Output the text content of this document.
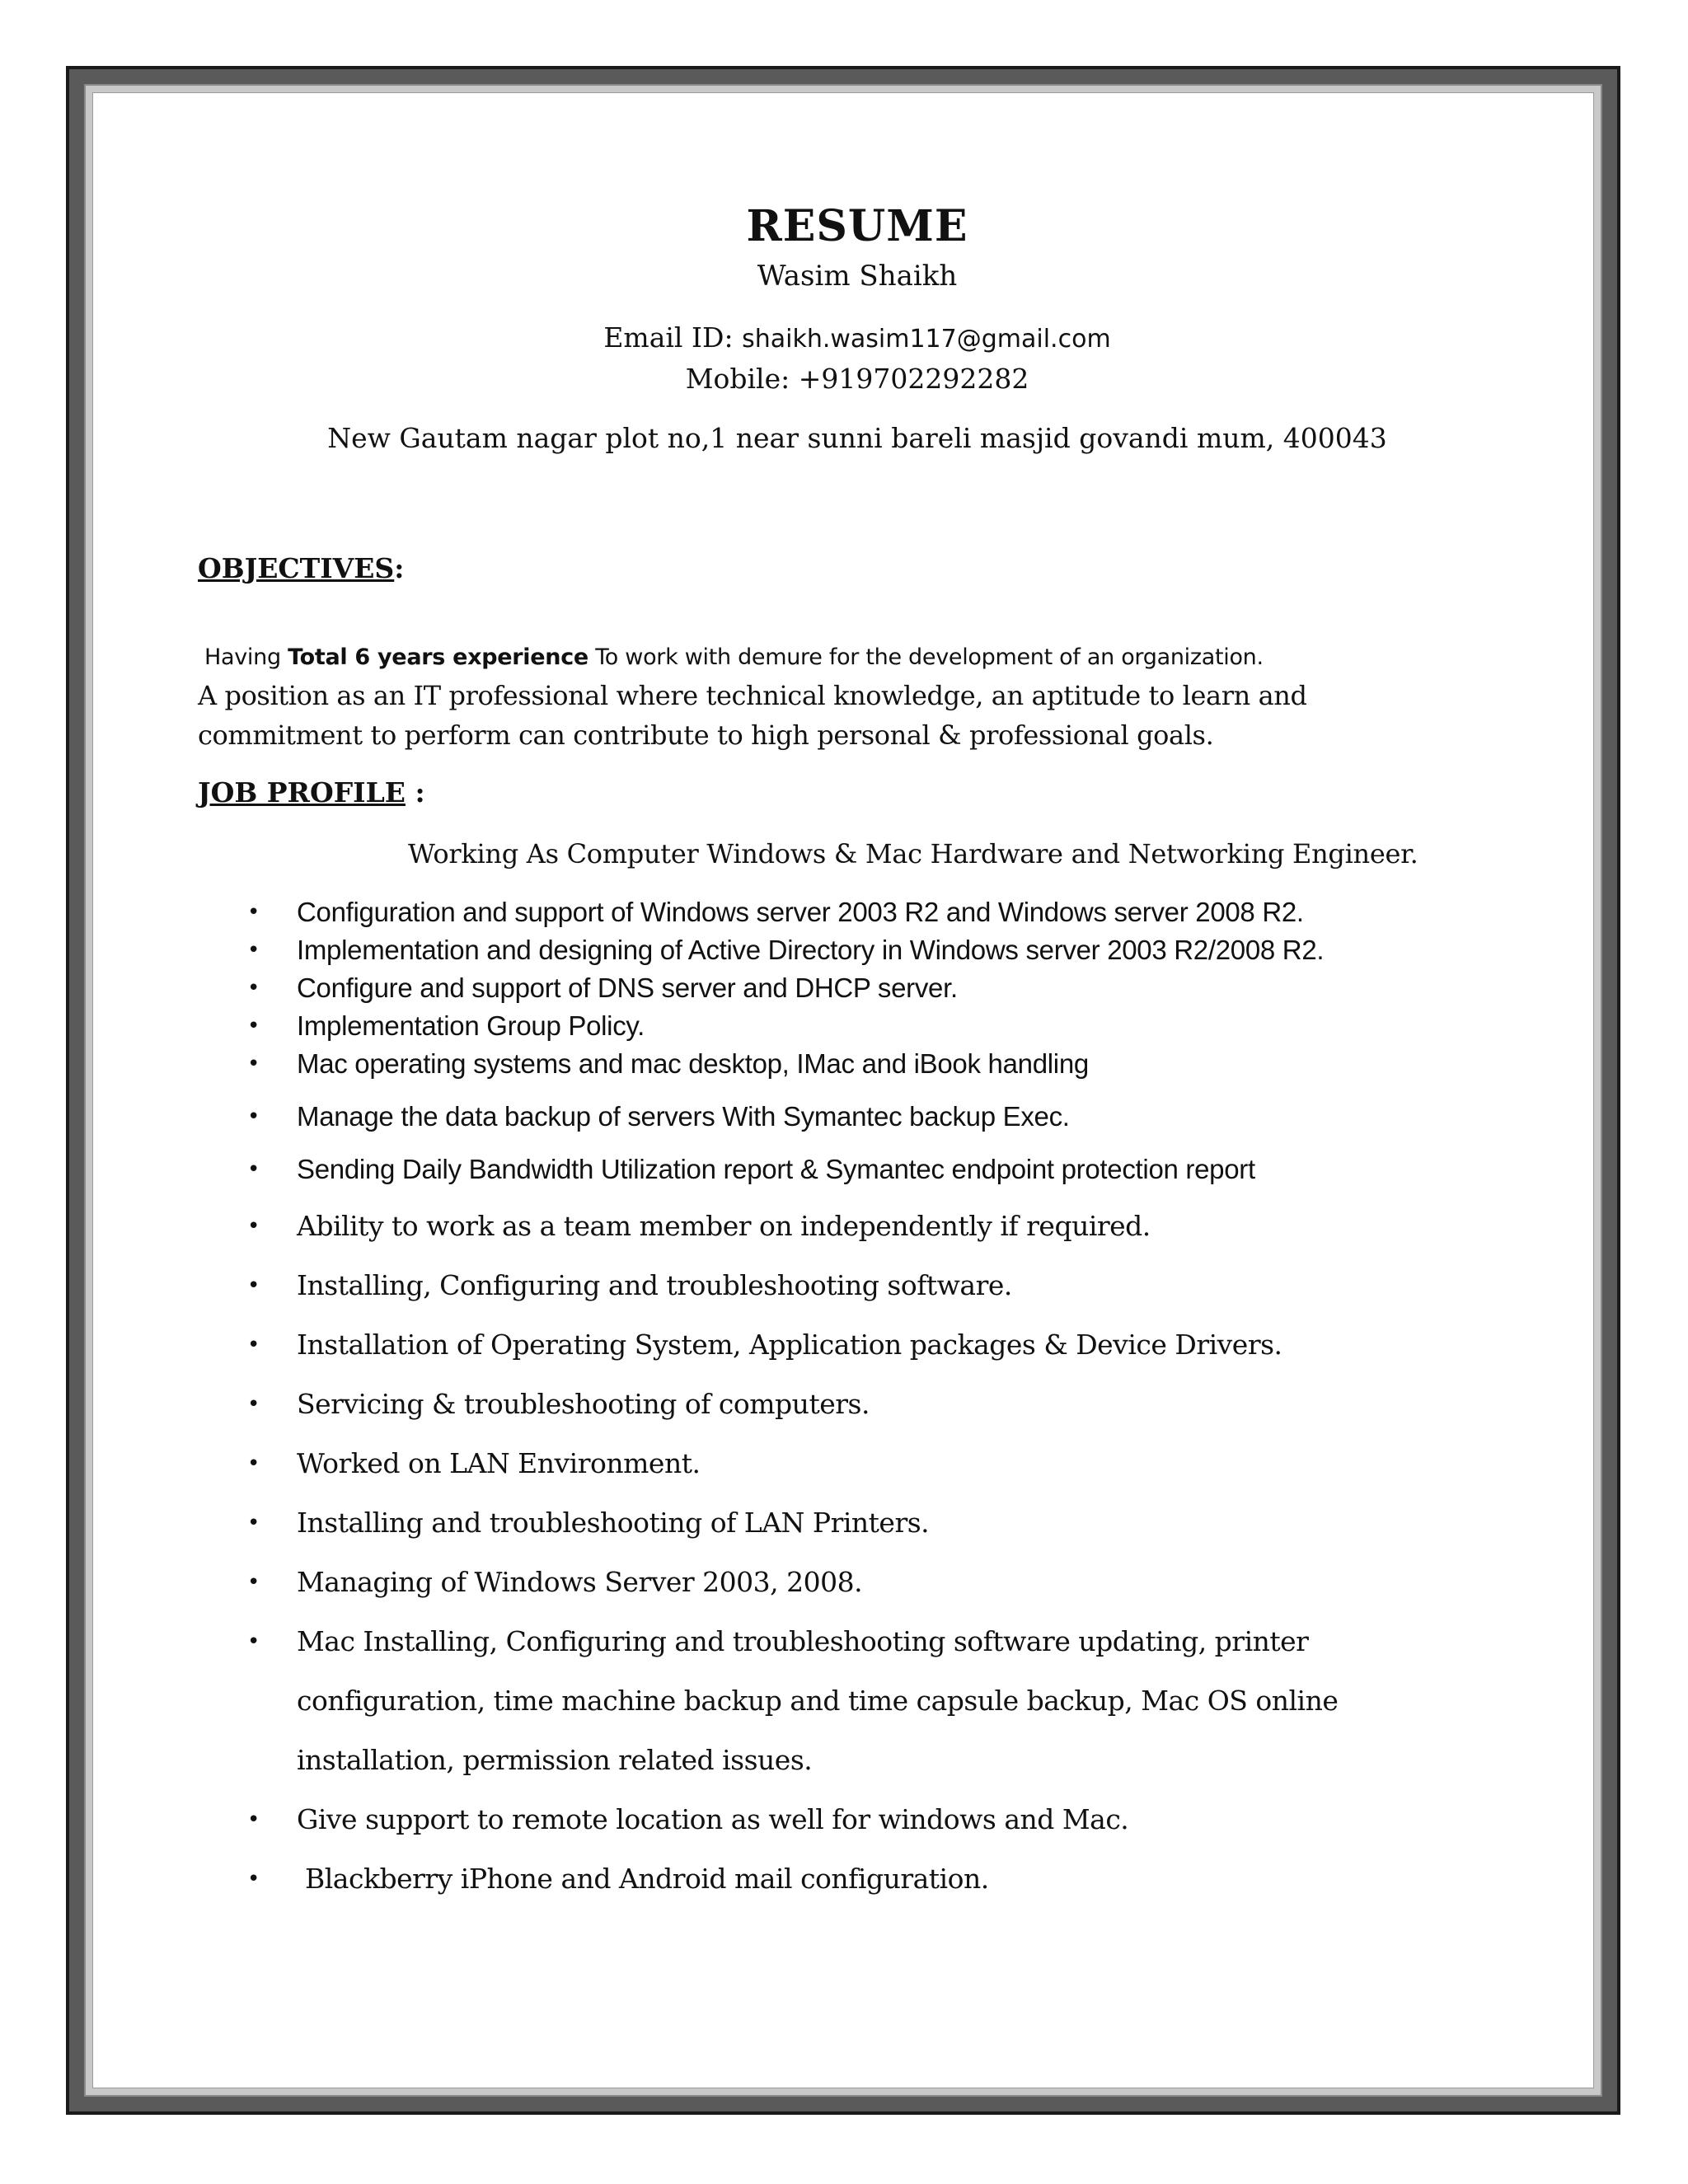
RESUME
Wasim Shaikh
Email ID: shaikh.wasim117@gmail.com
Mobile: +919702292282
New Gautam nagar plot no,1 near sunni bareli masjid govandi mum, 400043
OBJECTIVES:
Having Total 6 years experience To work with demure for the development of an organization.
A position as an IT professional where technical knowledge, an aptitude to learn and
commitment to perform can contribute to high personal & professional goals.
JOB PROFILE :
Working As Computer Windows & Mac Hardware and Networking Engineer.
• Configuration and support of Windows server 2003 R2 and Windows server 2008 R2.
• Implementation and designing of Active Directory in Windows server 2003 R2/2008 R2.
• Configure and support of DNS server and DHCP server.
• Implementation Group Policy.
• Mac operating systems and mac desktop, IMac and iBook handling
• Manage the data backup of servers With Symantec backup Exec.
• Sending Daily Bandwidth Utilization report & Symantec endpoint protection report
• Ability to work as a team member on independently if required.
• Installing, Configuring and troubleshooting software.
• Installation of Operating System, Application packages & Device Drivers.
• Servicing & troubleshooting of computers.
• Worked on LAN Environment.
• Installing and troubleshooting of LAN Printers.
• Managing of Windows Server 2003, 2008.
• Mac Installing, Configuring and troubleshooting software updating, printer
configuration, time machine backup and time capsule backup, Mac OS online
installation, permission related issues.
• Give support to remote location as well for windows and Mac.
• Blackberry iPhone and Android mail configuration.
